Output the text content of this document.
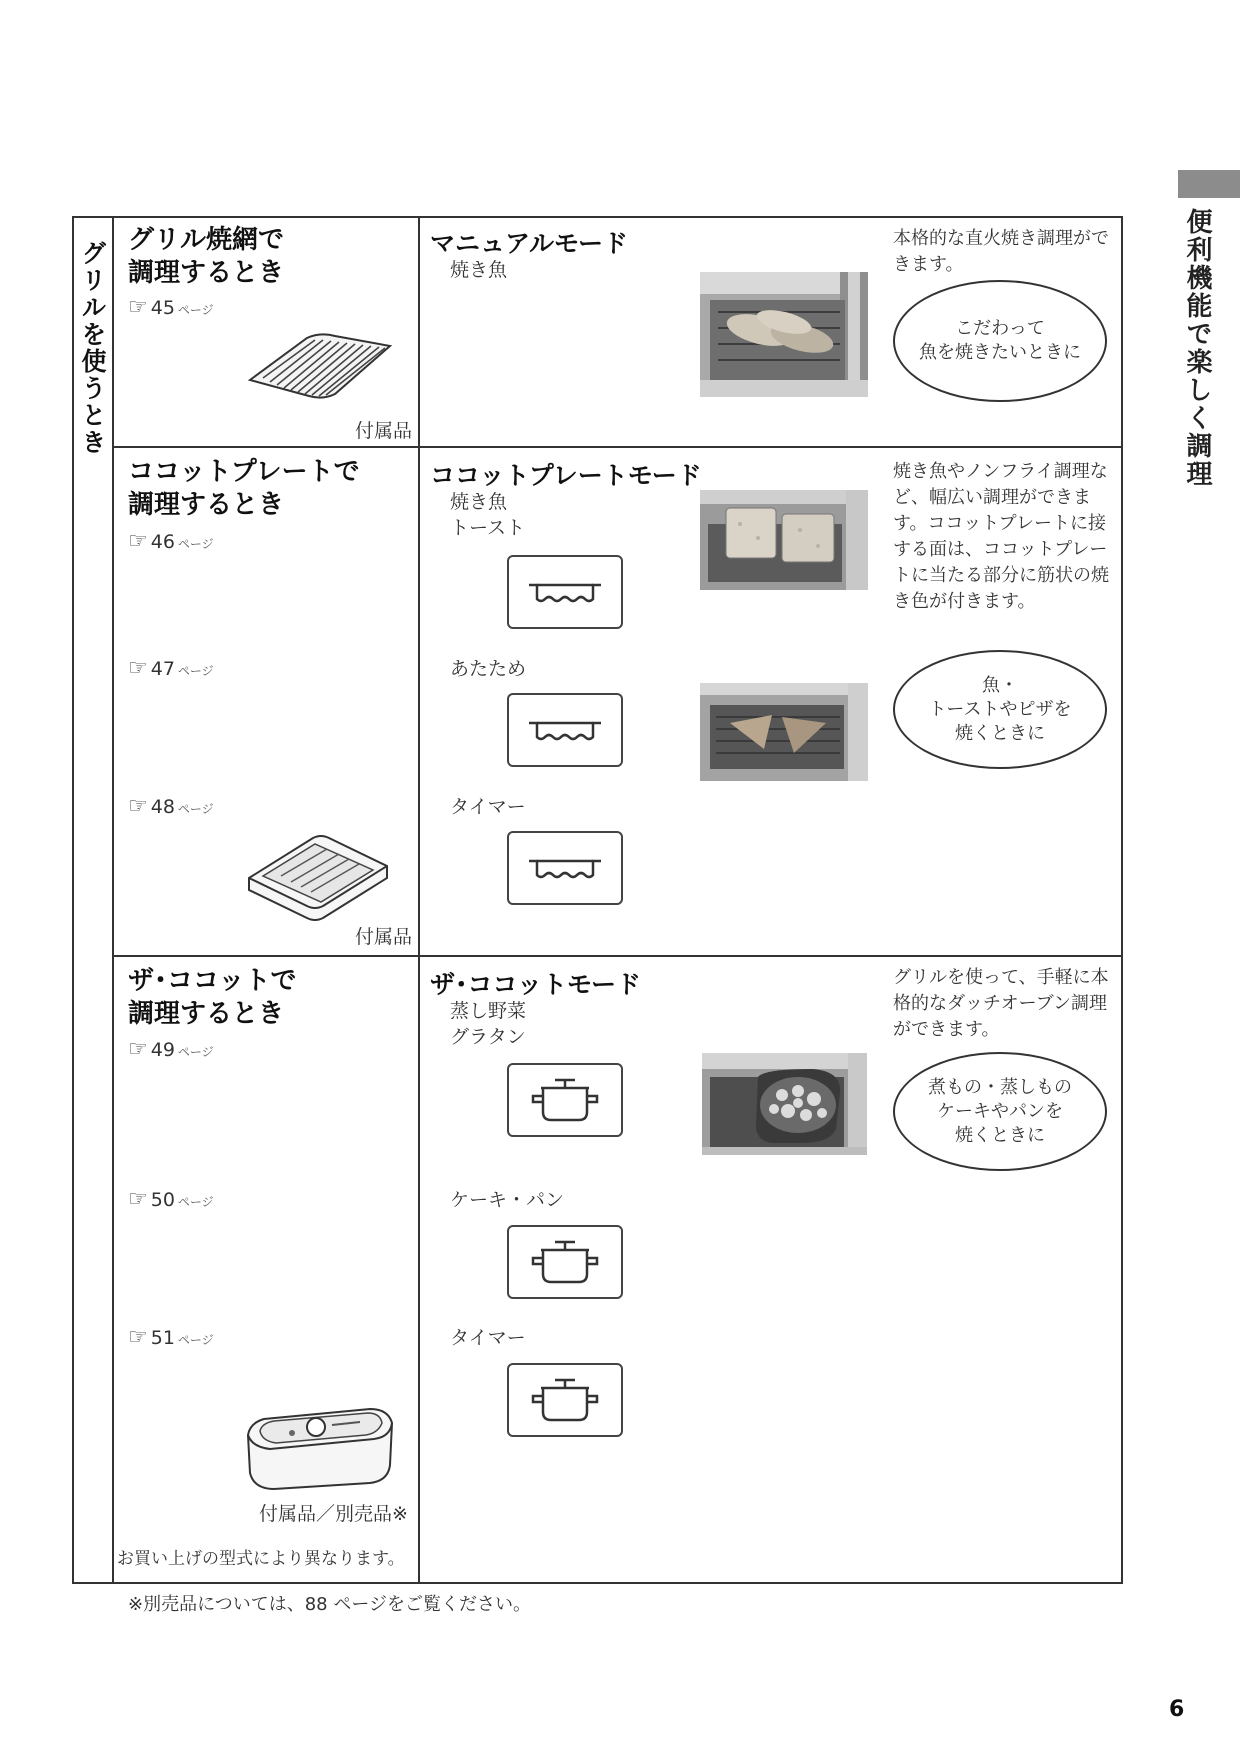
便利機能で楽しく調理
グリルを使うとき グリル焼網で
調理するとき
☞ 45 ページ
付属品
マニュアルモード
焼き魚
本格的な直火焼き調理ができます。
こだわって
魚を焼きたいときに
ココットプレートで
調理するとき
☞ 46 ページ
☞ 47 ページ
☞ 48 ページ
付属品
ココットプレートモード
焼き魚
トースト
あたため
タイマー
焼き魚やノンフライ調理など、幅広い調理ができます。ココットプレートに接する面は、ココットプレートに当たる部分に筋状の焼き色が付きます。
魚・
トーストやピザを
焼くときに
ザ･ココットで
調理するとき
☞ 49 ページ
☞ 50 ページ
☞ 51 ページ
付属品／別売品※
お買い上げの型式により異なります。
ザ･ココットモード
蒸し野菜
グラタン
ケーキ・パン
タイマー
グリルを使って、手軽に本格的なダッチオーブン調理ができます。
煮もの・蒸しもの
ケーキやパンを
焼くときに
※別売品については、88 ページをご覧ください。
6
